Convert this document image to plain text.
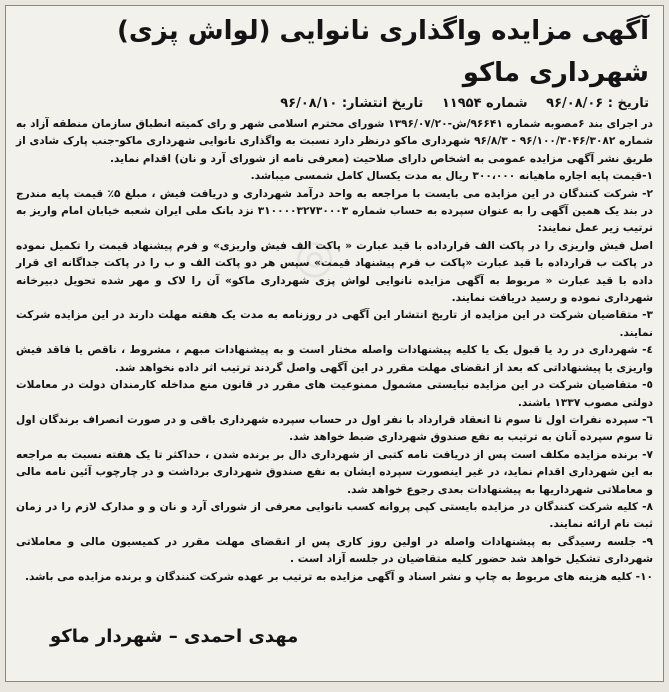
◎
آگهی مزایده واگذاری نانوایی (لواش پزی) شهرداری ماکو
تاریخ : ۹۶/۰۸/۰۶ شماره ۱۱۹۵۴ تاریخ انتشار: ۹۶/۰۸/۱۰

در اجرای بند ۶مصوبه شماره ۹۶۶۴۱/ش-۱۳۹۶/۰۷/۲۰ شورای محترم اسلامی شهر و رای کمیته انطباق سازمان منطقه آزاد به شماره ۹۶/۱۰۰/۳۰۴۶/۳۰۸۲ - ۹۶/۸/۳ شهرداری ماکو درنظر دارد نسبت به واگذاری نانوایی شهرداری ماکو-جنب پارک شادی از طریق نشر آگهی مزایده عمومی به اشخاص دارای صلاحیت (معرفی نامه از شورای آرد و نان) اقدام نماید.

۱-قیمت پایه اجاره ماهیانه ۳۰۰،۰۰۰ ریال به مدت یکسال کامل شمسی میباشد.

۲- شرکت کنندگان در این مزایده می بایست با مراجعه به واحد درآمد شهرداری و دریافت فیش ، مبلغ ۵٪ قیمت پایه مندرج در بند یک همین آگهی را به عنوان سپرده به حساب شماره ۳۱۰۰۰۰۳۲۷۳۰۰۰۳ نزد بانک ملی ایران شعبه خیابان امام واریز به ترتیب زیر عمل نمایند:

اصل فیش واریزی را در پاکت الف قرارداده با قید عبارت « پاکت الف فیش واریزی» و فرم پیشنهاد قیمت را تکمیل نموده در پاکت ب قرارداده با قید عبارت «پاکت ب فرم پیشنهاد قیمت» سپس هر دو پاکت الف و ب را در پاکت جداگانه ای قرار داده با قید عبارت « مربوط به آگهی مزایده نانوایی لواش پزی شهرداری ماکو» آن را لاک و مهر شده تحویل دبیرخانه شهرداری نموده و رسید دریافت نمایند.

۳- متقاضیان شرکت در این مزایده از تاریخ انتشار این آگهی در روزنامه به مدت یک هفته مهلت دارند در این مزایده شرکت نمایند.

٤- شهرداری در رد یا قبول یک یا کلیه پیشنهادات واصله مختار است و به پیشنهادات مبهم ، مشروط ، ناقص یا فاقد فیش واریزی یا پیشنهاداتی که بعد از انقضای مهلت مقرر در این آگهی واصل گردند ترتیب اثر داده نخواهد شد.

٥- متقاضیان شرکت در این مزایده نبایستی مشمول ممنوعیت های مقرر در قانون منع مداخله کارمندان دولت در معاملات دولتی مصوب ۱۳۳۷ باشند.

٦- سپرده نفرات اول تا سوم تا انعقاد قرارداد با نفر اول در حساب سپرده شهرداری باقی و در صورت انصراف برندگان اول تا سوم سپرده آنان به ترتیب به نفع صندوق شهرداری ضبط خواهد شد.

۷- برنده مزایده مکلف است پس از دریافت نامه کتبی از شهرداری دال بر برنده شدن ، حداکثر تا یک هفته نسبت به مراجعه به این شهرداری اقدام نماید، در غیر اینصورت سپرده ایشان به نفع صندوق شهرداری برداشت و در چارچوب آئین نامه مالی و معاملاتی شهرداریها به پیشنهادات بعدی رجوع خواهد شد.

۸- کلیه شرکت کنندگان در مزایده بایستی کپی پروانه کسب نانوایی معرفی از شورای آرد و نان و و مدارک لازم را در زمان ثبت نام ارائه نمایند.

۹- جلسه رسیدگی به پیشنهادات واصله در اولین روز کاری پس از انقضای مهلت مقرر در کمیسیون مالی و معاملاتی شهرداری تشکیل خواهد شد حضور کلیه متقاضیان در جلسه آزاد است .

۱۰- کلیه هزینه های مربوط به چاپ و نشر اسناد و آگهی مزایده به ترتیب بر عهده شرکت کنندگان و برنده مزایده می باشد.

مهدی احمدی – شهردار ماکو
